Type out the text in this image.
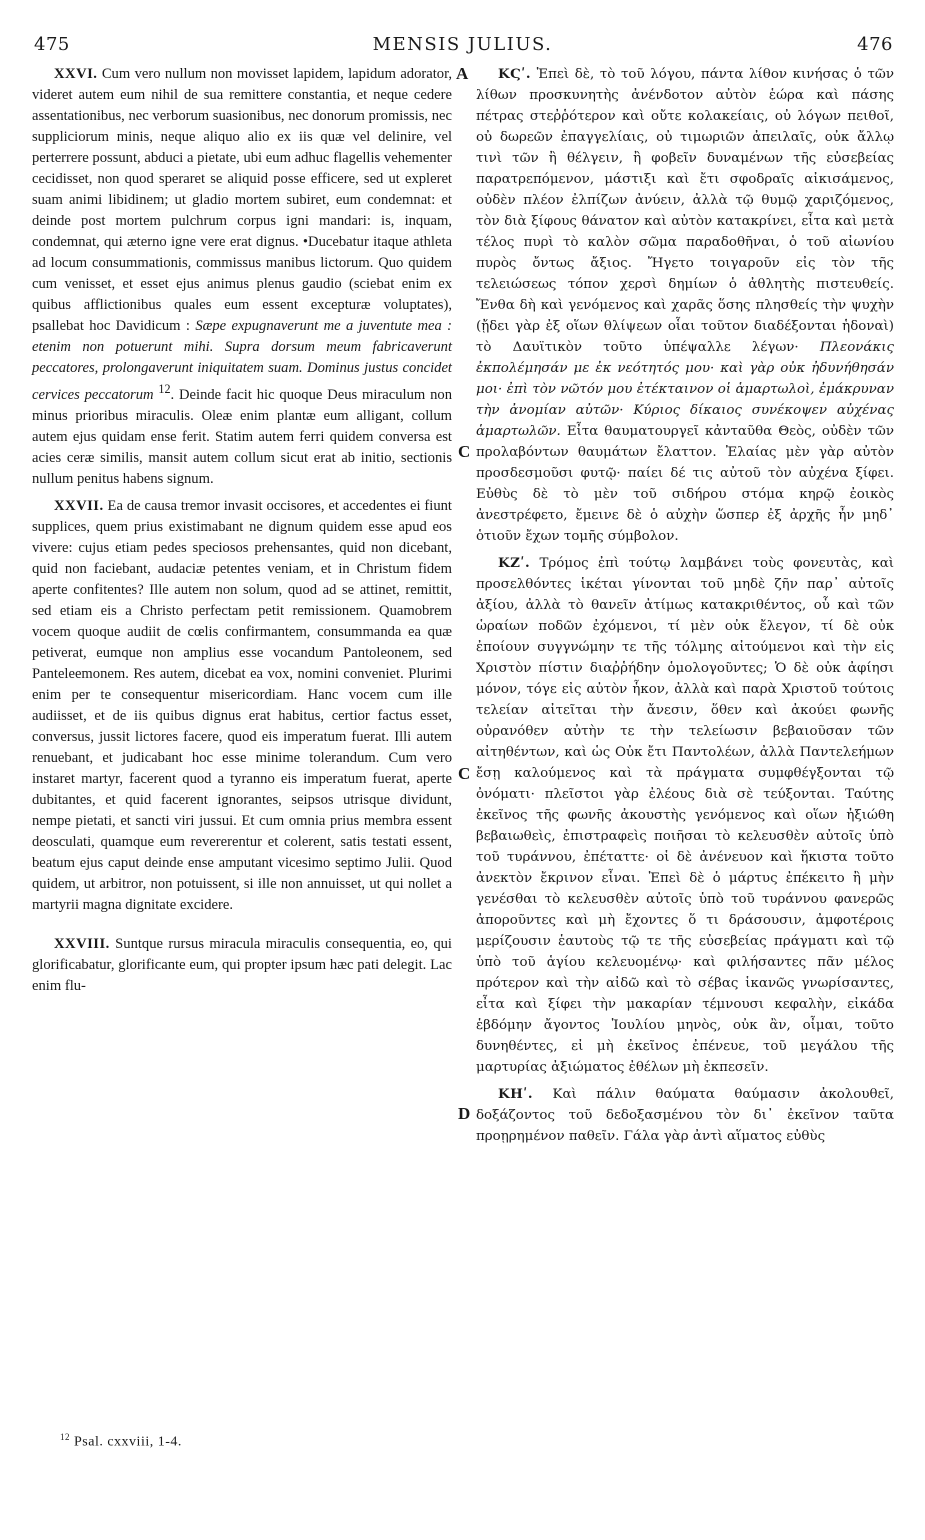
475	MENSIS JULIUS.	476
A
C
C
D

XXVI. Cum vero nullum non movisset lapidem, lapidum adorator, videret autem eum nihil de sua remittere constantia, et neque cedere assentationibus, nec verborum suasionibus, nec donorum promissis, nec suppliciorum minis, neque aliquo alio ex iis quæ vel delinire, vel perterrere possunt, abduci a pietate, ubi eum adhuc flagellis vehementer cecidisset, non quod speraret se aliquid posse efficere, sed ut expleret suam animi libidinem; ut gladio mortem subiret, eum condemnat: et deinde post mortem pulchrum corpus igni mandari: is, inquam, condemnat, qui æterno igne vere erat dignus. •Ducebatur itaque athleta ad locum consummationis, commissus manibus lictorum. Quo quidem cum venisset, et esset ejus animus plenus gaudio (sciebat enim ex quibus afflictionibus quales eum essent excepturæ voluptates), psallebat hoc Davidicum : Sæpe expugnaverunt me a juventute mea : etenim non potuerunt mihi. Supra dorsum meum fabricaverunt peccatores, prolongaverunt iniquitatem suam. Dominus justus concidet cervices peccatorum $^{12}$. Deinde facit hic quoque Deus miraculum non minus prioribus miraculis. Oleæ enim plantæ eum alligant, collum autem ejus quidam ense ferit. Statim autem ferri quidem conversa est acies ceræ similis, mansit autem collum sicut erat ab initio, sectionis nullum penitus habens signum.

XXVII. Ea de causa tremor invasit occisores, et accedentes ei fiunt supplices, quem prius existimabant ne dignum quidem esse apud eos vivere: cujus etiam pedes speciosos prehensantes, quid non dicebant, quid non faciebant, audaciæ petentes veniam, et in Christum fidem aperte confitentes? Ille autem non solum, quod ad se attinet, remittit, sed etiam eis a Christo perfectam petit remissionem. Quamobrem vocem quoque audiit de cœlis confirmantem, consummanda ea quæ petiverat, eumque non amplius esse vocandum Pantoleonem, sed Panteleemonem. Res autem, dicebat ea vox, nomini conveniet. Plurimi enim per te consequentur misericordiam. Hanc vocem cum ille audiisset, et de iis quibus dignus erat habitus, certior factus esset, conversus, jussit lictores facere, quod eis imperatum fuerat. Illi autem renuebant, et judicabant hoc esse minime tolerandum. Cum vero instaret martyr, facerent quod a tyranno eis imperatum fuerat, aperte dubitantes, et quid facerent ignorantes, seipsos utrisque dividunt, nempe pietati, et sancti viri jussui. Et cum omnia prius membra essent deosculati, quamque eum revererentur et colerent, satis testati essent, beatum ejus caput deinde ense amputant vicesimo septimo Julii. Quod quidem, ut arbitror, non potuissent, si ille non annuisset, ut qui nollet a martyrii magna dignitate excidere.

XXVIII. Suntque rursus miracula miraculis consequentia, eo, qui glorificabatur, glorificante eum, qui propter ipsum hæc pati delegit. Lac enim flu-

ΚϚʹ. Ἐπεὶ δὲ, τὸ τοῦ λόγου, πάντα λίθον κινήσας ὁ τῶν λίθων προσκυνητὴς ἀνένδοτον αὐτὸν ἑώρα καὶ πάσης πέτρας στεῤῥότερον καὶ οὔτε κολακείαις, οὐ λόγων πειθοῖ, οὐ δωρεῶν ἐπαγγελίαις, οὐ τιμωριῶν ἀπειλαῖς, οὐκ ἄλλῳ τινὶ τῶν ἢ θέλγειν, ἢ φοβεῖν δυναμένων τῆς εὐσεβείας παρατρεπόμενον, μάστιξι καὶ ἔτι σφοδραῖς αἰκισάμενος, οὐδὲν πλέον ἐλπίζων ἀνύειν, ἀλλὰ τῷ θυμῷ χαριζόμενος, τὸν διὰ ξίφους θάνατον καὶ αὐτὸν κατακρίνει, εἶτα καὶ μετὰ τέλος πυρὶ τὸ καλὸν σῶμα παραδοθῆναι, ὁ τοῦ αἰωνίου πυρὸς ὄντως ἄξιος. Ἤγετο τοιγαροῦν εἰς τὸν τῆς τελειώσεως τόπον χερσὶ δημίων ὁ ἀθλητὴς πιστευθείς. Ἔνθα δὴ καὶ γενόμενος καὶ χαρᾶς ὅσης πλησθείς τὴν ψυχὴν (ᾔδει γὰρ ἐξ οἵων θλίψεων οἷαι τοῦτον διαδέξονται ἡδοναὶ) τὸ Δαυϊτικὸν τοῦτο ὑπέψαλλε λέγων· Πλεονάκις ἐκπολέμησάν με ἐκ νεότητός μου· καὶ γὰρ οὐκ ἠδυνήθησάν μοι· ἐπὶ τὸν νῶτόν μου ἐτέκταινον οἱ ἁμαρτωλοὶ, ἐμάκρυναν τὴν ἀνομίαν αὐτῶν· Κύριος δίκαιος συνέκοψεν αὐχένας ἁμαρτωλῶν. Εἶτα θαυματουργεῖ κἀνταῦθα Θεὸς, οὐδὲν τῶν προλαβόντων θαυμάτων ἔλαττον. Ἐλαίας μὲν γὰρ αὐτὸν προσδεσμοῦσι φυτῷ· παίει δέ τις αὐτοῦ τὸν αὐχένα ξίφει. Εὐθὺς δὲ τὸ μὲν τοῦ σιδήρου στόμα κηρῷ ἐοικὸς ἀνεστρέφετο, ἔμεινε δὲ ὁ αὐχὴν ὥσπερ ἐξ ἀρχῆς ἦν μηδ᾽ ὁτιοῦν ἔχων τομῆς σύμβολον.

ΚΖʹ. Τρόμος ἐπὶ τούτῳ λαμβάνει τοὺς φονευτὰς, καὶ προσελθόντες ἱκέται γίνονται τοῦ μηδὲ ζῆν παρ᾽ αὐτοῖς ἀξίου, ἀλλὰ τὸ θανεῖν ἀτίμως κατακριθέντος, οὗ καὶ τῶν ὡραίων ποδῶν ἐχόμενοι, τί μὲν οὐκ ἔλεγον, τί δὲ οὐκ ἐποίουν συγγνώμην τε τῆς τόλμης αἰτούμενοι καὶ τὴν εἰς Χριστὸν πίστιν διαῤῥήδην ὁμολογοῦντες; Ὁ δὲ οὐκ ἀφίησι μόνον, τόγε εἰς αὐτὸν ἧκον, ἀλλὰ καὶ παρὰ Χριστοῦ τούτοις τελείαν αἰτεῖται τὴν ἄνεσιν, ὅθεν καὶ ἀκούει φωνῆς οὐρανόθεν αὐτὴν τε τὴν τελείωσιν βεβαιοῦσαν τῶν αἰτηθέντων, καὶ ὡς Οὐκ ἔτι Παντολέων, ἀλλὰ Παντελεήμων ἔσῃ καλούμενος καὶ τὰ πράγματα συμφθέγξονται τῷ ὀνόματι· πλεῖστοι γὰρ ἐλέους διὰ σὲ τεύξονται. Ταύτης ἐκεῖνος τῆς φωνῆς ἀκουστὴς γενόμενος καὶ οἵων ἠξιώθη βεβαιωθεὶς, ἐπιστραφεὶς ποιῆσαι τὸ κελευσθὲν αὐτοῖς ὑπὸ τοῦ τυράννου, ἐπέταττε· οἱ δὲ ἀνένευον καὶ ἥκιστα τοῦτο ἀνεκτὸν ἔκρινον εἶναι. Ἐπεὶ δὲ ὁ μάρτυς ἐπέκειτο ἢ μὴν γενέσθαι τὸ κελευσθὲν αὐτοῖς ὑπὸ τοῦ τυράννου φανερῶς ἀποροῦντες καὶ μὴ ἔχοντες ὅ τι δράσουσιν, ἀμφοτέροις μερίζουσιν ἑαυτοὺς τῷ τε τῆς εὐσεβείας πράγματι καὶ τῷ ὑπὸ τοῦ ἁγίου κελευομένῳ· καὶ φιλήσαντες πᾶν μέλος πρότερον καὶ τὴν αἰδῶ καὶ τὸ σέβας ἱκανῶς γνωρίσαντες, εἶτα καὶ ξίφει τὴν μακαρίαν τέμνουσι κεφαλὴν, εἰκάδα ἑβδόμην ἄγοντος Ἰουλίου μηνὸς, οὐκ ἂν, οἶμαι, τοῦτο δυνηθέντες, εἰ μὴ ἐκεῖνος ἐπένευε, τοῦ μεγάλου τῆς μαρτυρίας ἀξιώματος ἐθέλων μὴ ἐκπεσεῖν.

ΚΗʹ. Καὶ πάλιν θαύματα θαύμασιν ἀκολουθεῖ, δοξάζοντος τοῦ δεδοξασμένου τὸν δι᾽ ἐκεῖνον ταῦτα προῃρημένον παθεῖν. Γάλα γὰρ ἀντὶ αἵματος εὐθὺς

$^{12}$ Psal. cxxviii, 1-4.
